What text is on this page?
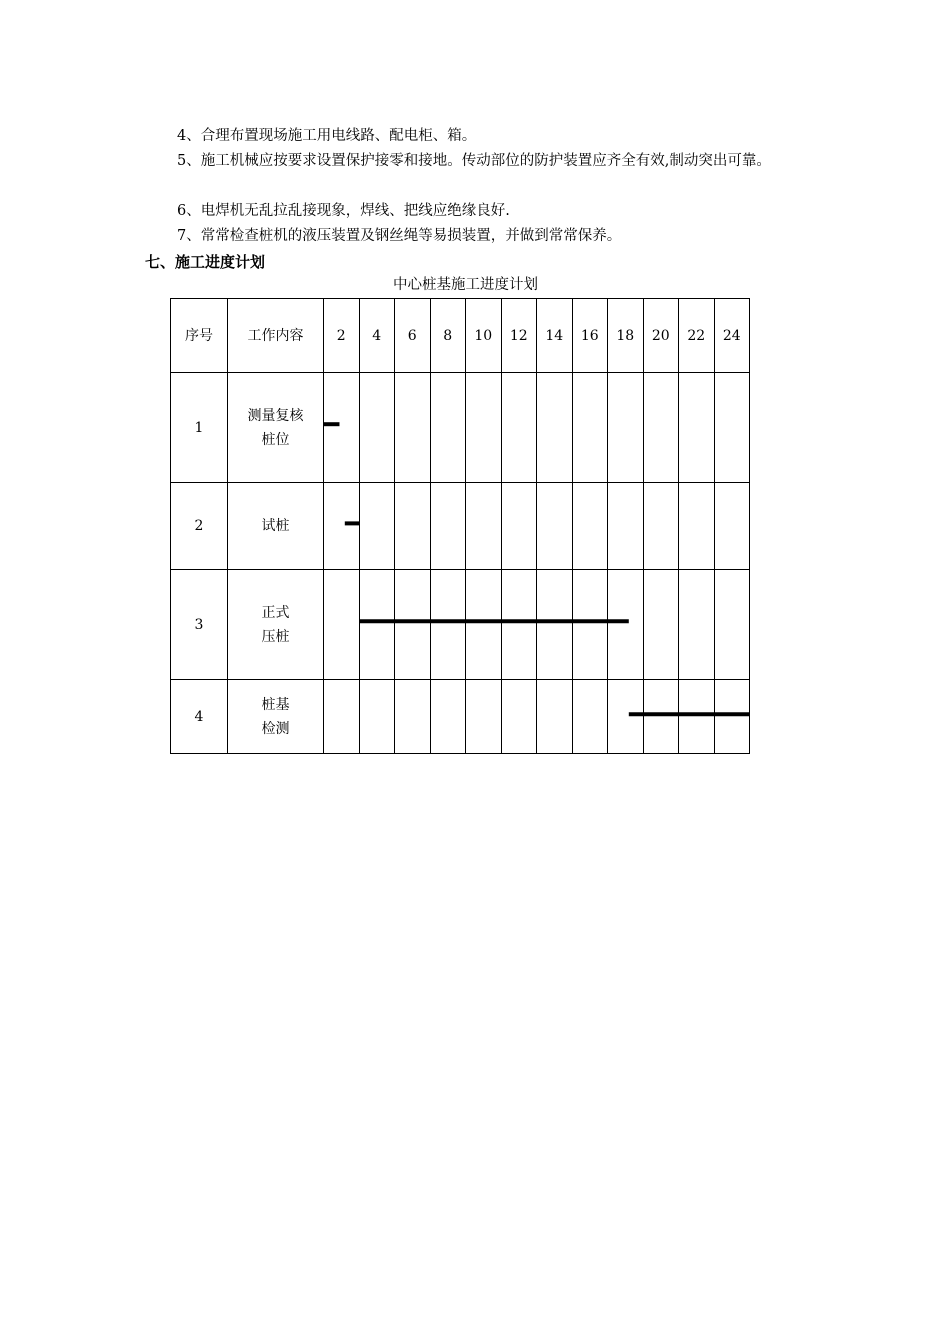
4、合理布置现场施工用电线路、配电柜、箱。

5、施工机械应按要求设置保护接零和接地。传动部位的防护装置应齐全有效,制动突出可靠。

6、电焊机无乱拉乱接现象，焊线、把线应绝缘良好.

7、常常检查桩机的液压装置及钢丝绳等易损装置，并做到常常保养。

七、施工进度计划
中心桩基施工进度计划
序号	工作内容	2	4	6	8	10	12	14	16	18	20	22	24
1	测量复核
桩位												

2	试桩												

3	正式
压桩												

4	桩基
检测												
